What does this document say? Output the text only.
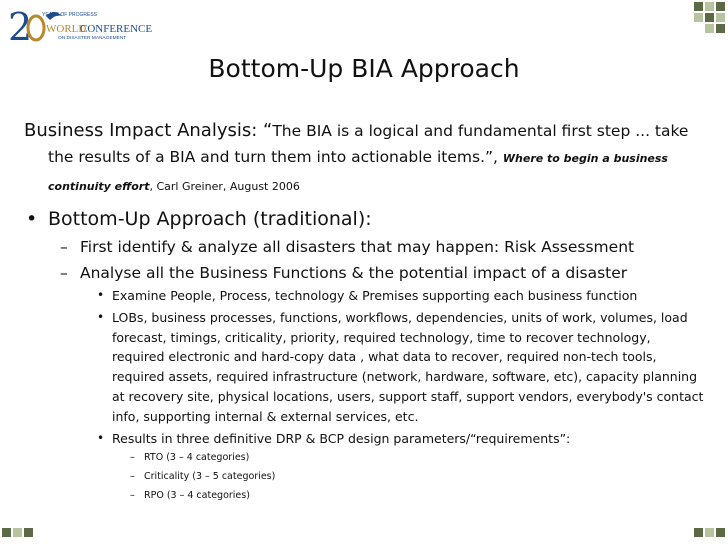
2 YEARS OF PROGRESS
WORLD
CONFERENCE
ON DISASTER MANAGEMENT
Bottom-Up BIA Approach

Business Impact Analysis: “The BIA is a logical and fundamental first step ... take the results of a BIA and turn them into actionable items.”, Where to begin a business continuity effort, Carl Greiner, August 2006

• Bottom-Up Approach (traditional):
– First identify & analyze all disasters that may happen: Risk Assessment
– Analyse all the Business Functions & the potential impact of a disaster
• Examine People, Process, technology & Premises supporting each business function
• LOBs, business processes, functions, workflows, dependencies, units of work, volumes, load forecast, timings, criticality, priority, required technology, time to recover technology, required electronic and hard-copy data , what data to recover, required non-tech tools, required assets, required infrastructure (network, hardware, software, etc), capacity planning at recovery site, physical locations, users, support staff, support vendors, everybody's contact info, supporting internal & external services, etc.
• Results in three definitive DRP & BCP design parameters/“requirements”:
– RTO (3 – 4 categories)
– Criticality (3 – 5 categories)
– RPO (3 – 4 categories)
